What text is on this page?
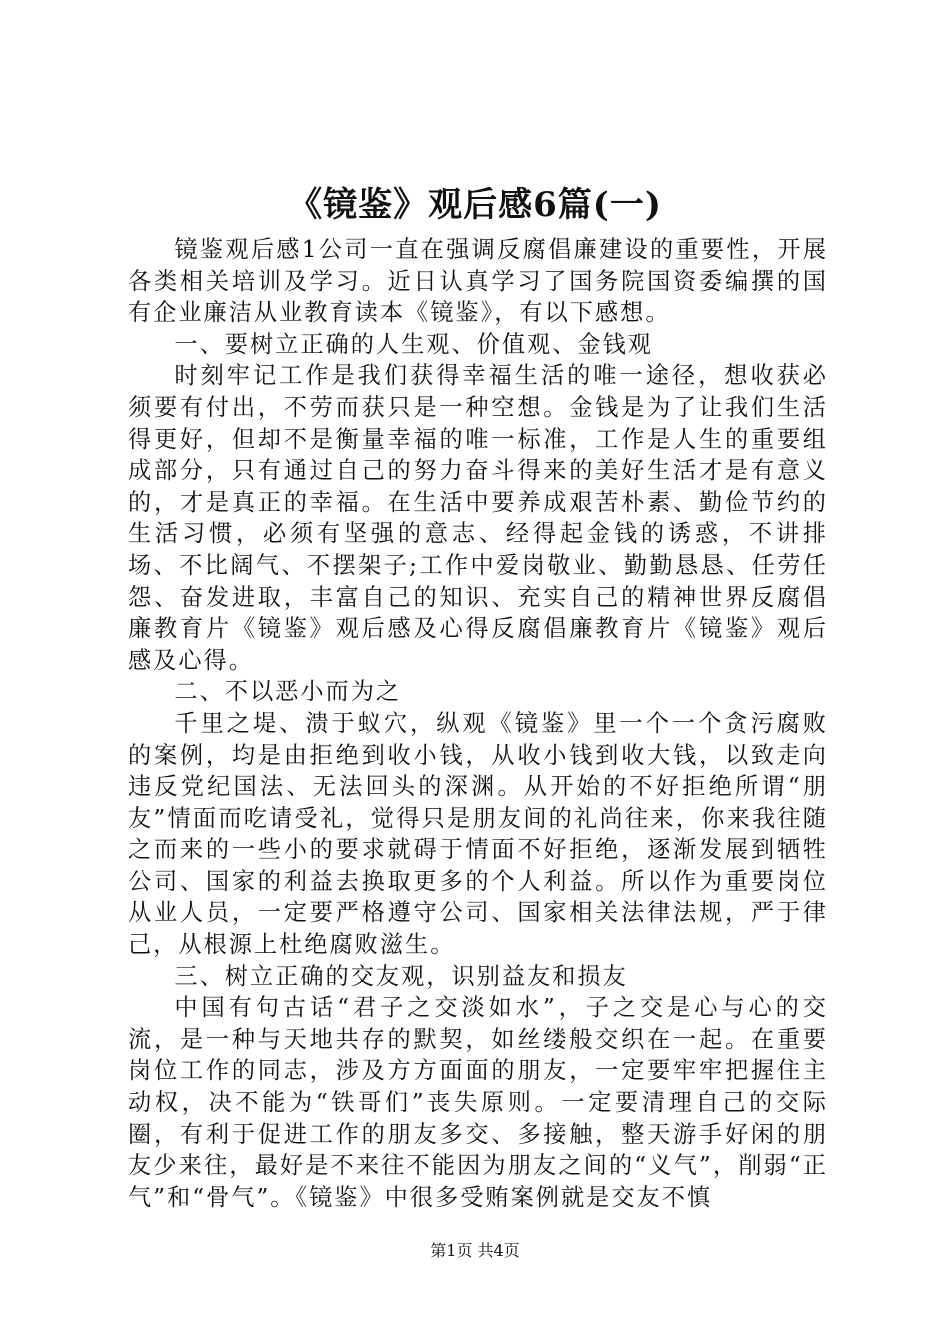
《镜鉴》观后感6篇(一)

镜鉴观后感1公司一直在强调反腐倡廉建设的重要性，开展各类相关培训及学习。近日认真学习了国务院国资委编撰的国有企业廉洁从业教育读本《镜鉴》，有以下感想。

一、要树立正确的人生观、价值观、金钱观

时刻牢记工作是我们获得幸福生活的唯一途径，想收获必须要有付出，不劳而获只是一种空想。金钱是为了让我们生活得更好，但却不是衡量幸福的唯一标准，工作是人生的重要组成部分，只有通过自己的努力奋斗得来的美好生活才是有意义的，才是真正的幸福。在生活中要养成艰苦朴素、勤俭节约的生活习惯，必须有坚强的意志、经得起金钱的诱惑，不讲排场、不比阔气、不摆架子;工作中爱岗敬业、勤勤恳恳、任劳任怨、奋发进取，丰富自己的知识、充实自己的精神世界反腐倡廉教育片《镜鉴》观后感及心得反腐倡廉教育片《镜鉴》观后感及心得。

二、不以恶小而为之

千里之堤、溃于蚁穴，纵观《镜鉴》里一个一个贪污腐败的案例，均是由拒绝到收小钱，从收小钱到收大钱，以致走向违反党纪国法、无法回头的深渊。从开始的不好拒绝所谓“朋友”情面而吃请受礼，觉得只是朋友间的礼尚往来，你来我往随之而来的一些小的要求就碍于情面不好拒绝，逐渐发展到牺牲公司、国家的利益去换取更多的个人利益。所以作为重要岗位从业人员，一定要严格遵守公司、国家相关法律法规，严于律己，从根源上杜绝腐败滋生。

三、树立正确的交友观，识别益友和损友

中国有句古话“君子之交淡如水”，子之交是心与心的交流，是一种与天地共存的默契，如丝缕般交织在一起。在重要岗位工作的同志，涉及方方面面的朋友，一定要牢牢把握住主动权，决不能为“铁哥们”丧失原则。一定要清理自己的交际圈，有利于促进工作的朋友多交、多接触，整天游手好闲的朋友少来往，最好是不来往不能因为朋友之间的“义气”，削弱“正气”和“骨气”。《镜鉴》中很多受贿案例就是交友不慎

第1页 共4页
